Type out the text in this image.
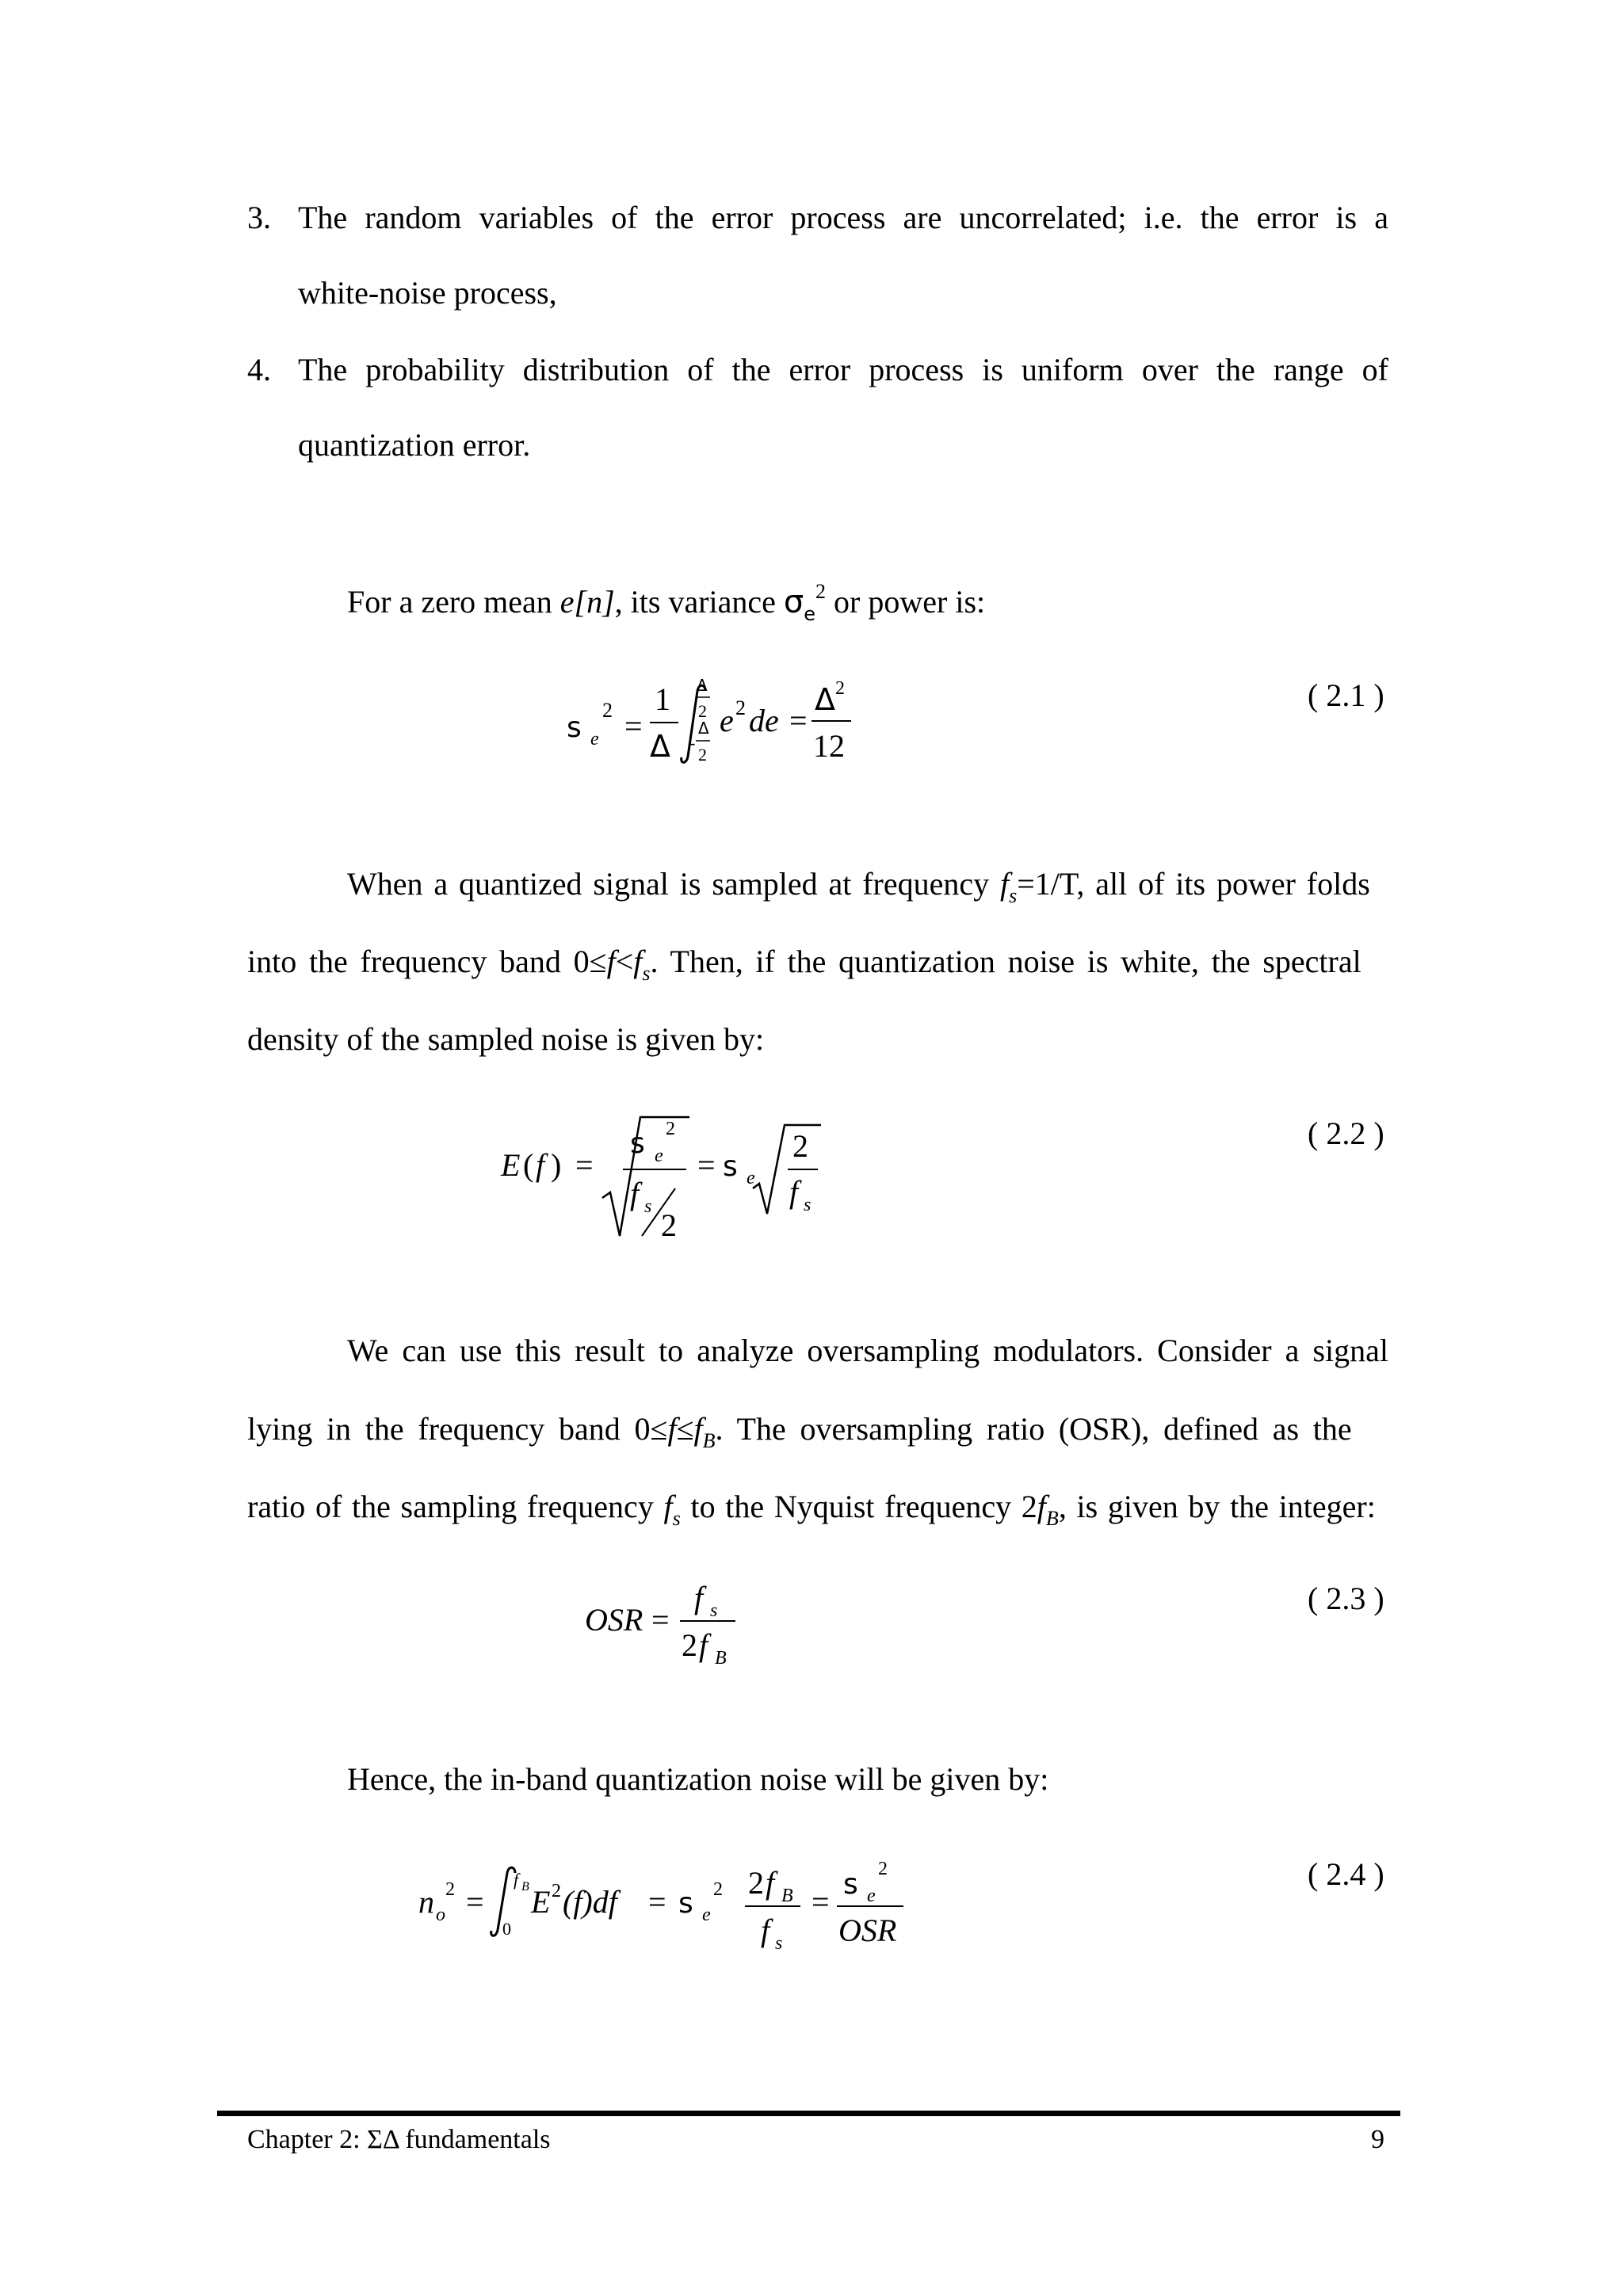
3. The random variables of the error process are uncorrelated; i.e. the error is a
white-noise process,
4. The probability distribution of the error process is uniform over the range of
quantization error.
For a zero mean e[n], its variance $\sigma_e^2$ or power is:
s e
2 =
1
Δ
Δ
2
-
Δ
2
e 2 de =
Δ 2
12
( 2.1 )
When a quantized signal is sampled at frequency $f_s=1/T$, all of its power folds
into the frequency band $0\le f<f_s$. Then, if the quantization noise is white, the spectral
density of the sampled noise is given by:
E ( f ) =
s e
2
f s
2
= s e
2
f s
( 2.2 )
We can use this result to analyze oversampling modulators. Consider a signal
lying in the frequency band $0\le f\le f_B$. The oversampling ratio (OSR), defined as the
ratio of the sampling frequency $f_s$ to the Nyquist frequency $2f_B$, is given by the integer:
OSR =
f s
2 f B
( 2.3 )
Hence, the in-band quantization noise will be given by:
n o
2 =
f B
0
E 2 (f)df = s e
2 2 f B
f s
= s e
2
OSR
( 2.4 )
Chapter 2: ΣΔ fundamentals	9
